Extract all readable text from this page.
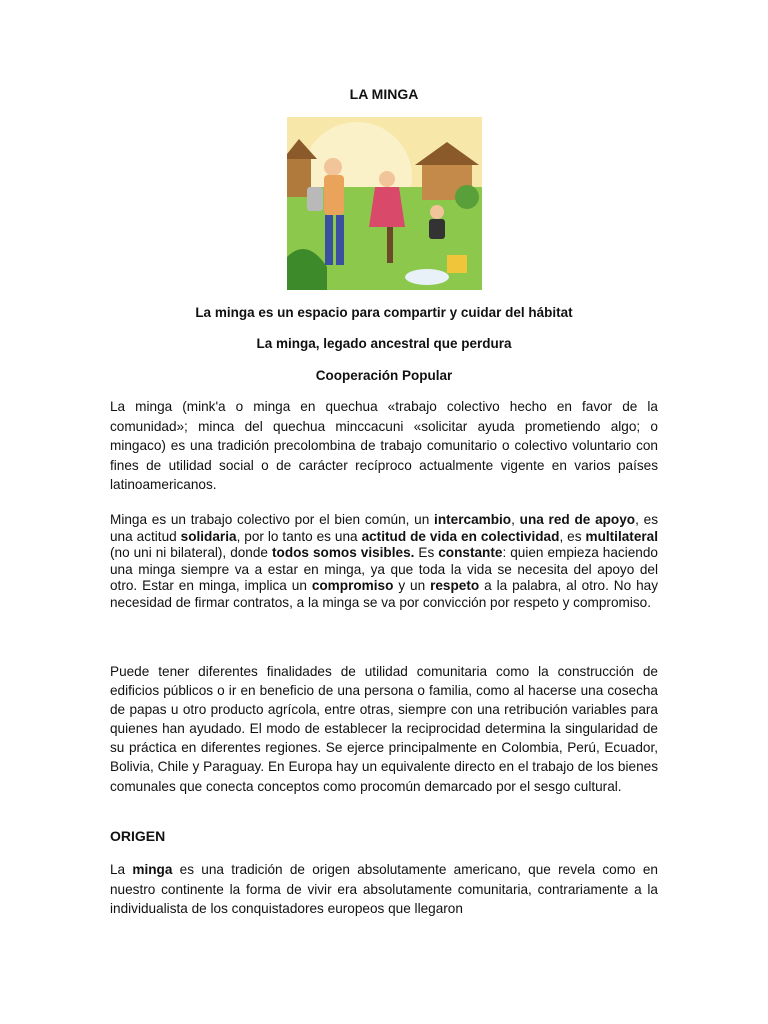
LA MINGA
La minga es un espacio para compartir y cuidar del hábitat
La minga, legado ancestral que perdura
Cooperación Popular

La minga (mink'a o minga en quechua «trabajo colectivo hecho en favor de la comunidad»; minca del quechua minccacuni «solicitar ayuda prometiendo algo; o mingaco) es una tradición precolombina de trabajo comunitario o colectivo voluntario con fines de utilidad social o de carácter recíproco actualmente vigente en varios países latinoamericanos.

Minga es un trabajo colectivo por el bien común, un intercambio, una red de apoyo, es una actitud solidaria, por lo tanto es una actitud de vida en colectividad, es multilateral (no uni ni bilateral), donde todos somos visibles. Es constante: quien empieza haciendo una minga siempre va a estar en minga, ya que toda la vida se necesita del apoyo del otro. Estar en minga, implica un compromiso y un respeto a la palabra, al otro. No hay necesidad de firmar contratos, a la minga se va por convicción por respeto y compromiso.

Puede tener diferentes finalidades de utilidad comunitaria como la construcción de edificios públicos o ir en beneficio de una persona o familia, como al hacerse una cosecha de papas u otro producto agrícola, entre otras, siempre con una retribución variables para quienes han ayudado. El modo de establecer la reciprocidad determina la singularidad de su práctica en diferentes regiones. Se ejerce principalmente en Colombia, Perú, Ecuador, Bolivia, Chile y Paraguay. En Europa hay un equivalente directo en el trabajo de los bienes comunales que conecta conceptos como procomún demarcado por el sesgo cultural.

ORIGEN

La minga es una tradición de origen absolutamente americano, que revela como en nuestro continente la forma de vivir era absolutamente comunitaria, contrariamente a la individualista de los conquistadores europeos que llegaron
